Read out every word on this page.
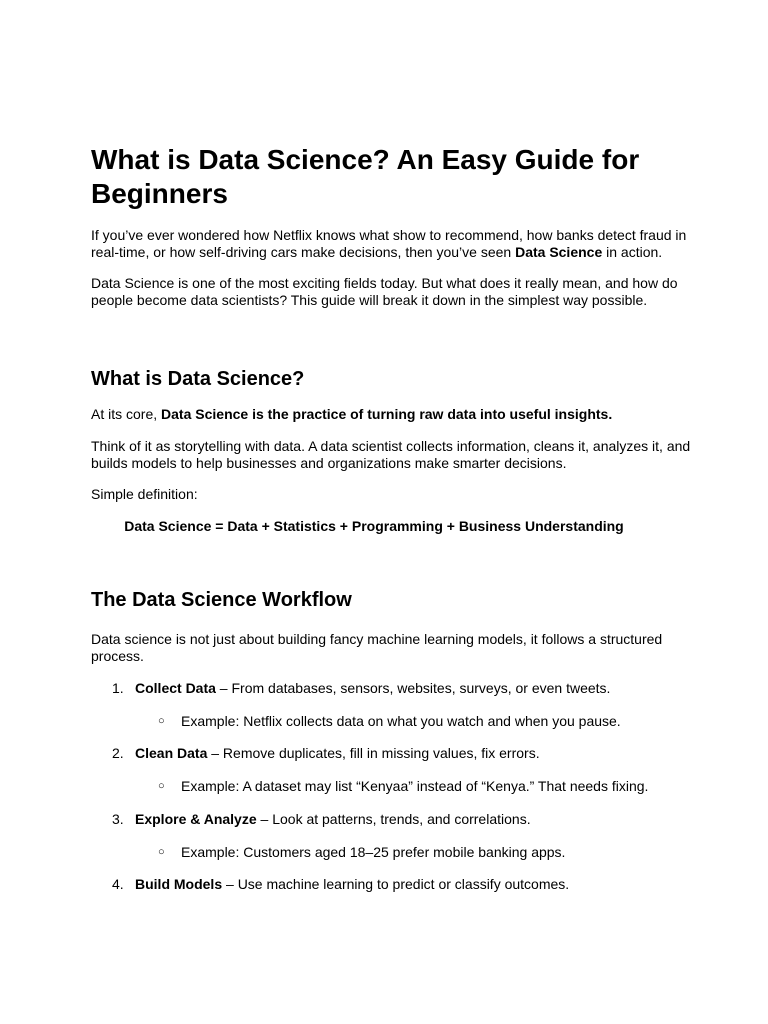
What is Data Science? An Easy Guide for Beginners

If you’ve ever wondered how Netflix knows what show to recommend, how banks detect fraud in real-time, or how self-driving cars make decisions, then you’ve seen Data Science in action.

Data Science is one of the most exciting fields today. But what does it really mean, and how do people become data scientists? This guide will break it down in the simplest way possible.

What is Data Science?

At its core, Data Science is the practice of turning raw data into useful insights.

Think of it as storytelling with data. A data scientist collects information, cleans it, analyzes it, and builds models to help businesses and organizations make smarter decisions.

Simple definition:

Data Science = Data + Statistics + Programming + Business Understanding

The Data Science Workflow

Data science is not just about building fancy machine learning models, it follows a structured process.

1. Collect Data – From databases, sensors, websites, surveys, or even tweets.
○ Example: Netflix collects data on what you watch and when you pause.
2. Clean Data – Remove duplicates, fill in missing values, fix errors.
○ Example: A dataset may list “Kenyaa” instead of “Kenya.” That needs fixing.
3. Explore & Analyze – Look at patterns, trends, and correlations.
○ Example: Customers aged 18–25 prefer mobile banking apps.
4. Build Models – Use machine learning to predict or classify outcomes.
